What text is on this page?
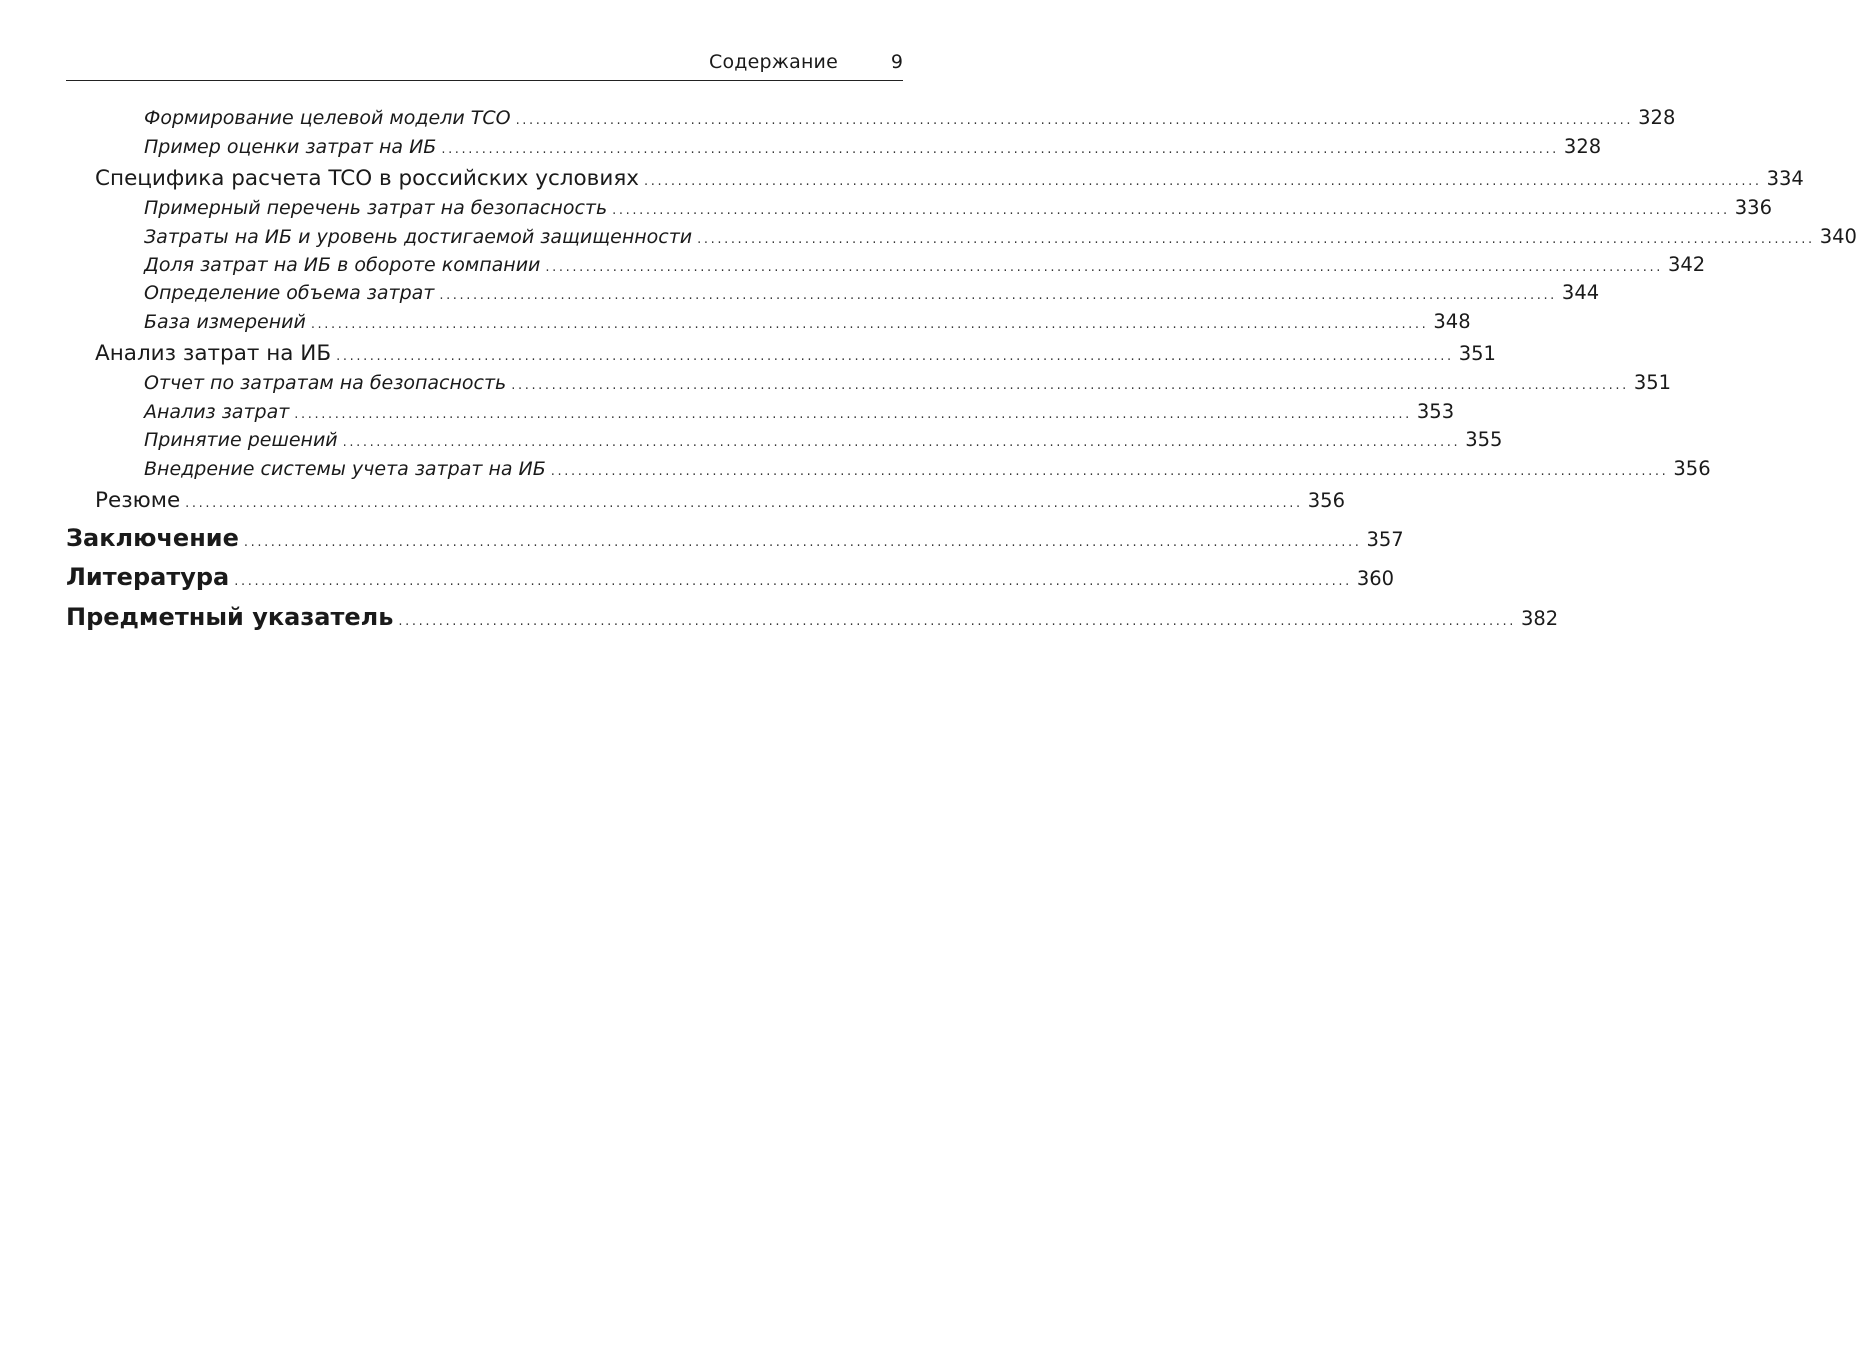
Содержание	9
Формирование целевой модели TCO ...................................................................................................................................................................... 328
Пример оценки затрат на ИБ ...................................................................................................................................................................... 328
Специфика расчета TCO в российских условиях ...................................................................................................................................................................... 334
Примерный перечень затрат на безопасность ...................................................................................................................................................................... 336
Затраты на ИБ и уровень достигаемой защищенности ...................................................................................................................................................................... 340
Доля затрат на ИБ в обороте компании ...................................................................................................................................................................... 342
Определение объема затрат ...................................................................................................................................................................... 344
База измерений ...................................................................................................................................................................... 348
Анализ затрат на ИБ ...................................................................................................................................................................... 351
Отчет по затратам на безопасность ...................................................................................................................................................................... 351
Анализ затрат ...................................................................................................................................................................... 353
Принятие решений ...................................................................................................................................................................... 355
Внедрение системы учета затрат на ИБ ...................................................................................................................................................................... 356
Резюме ...................................................................................................................................................................... 356
Заключение ...................................................................................................................................................................... 357
Литература ...................................................................................................................................................................... 360
Предметный указатель ...................................................................................................................................................................... 382
